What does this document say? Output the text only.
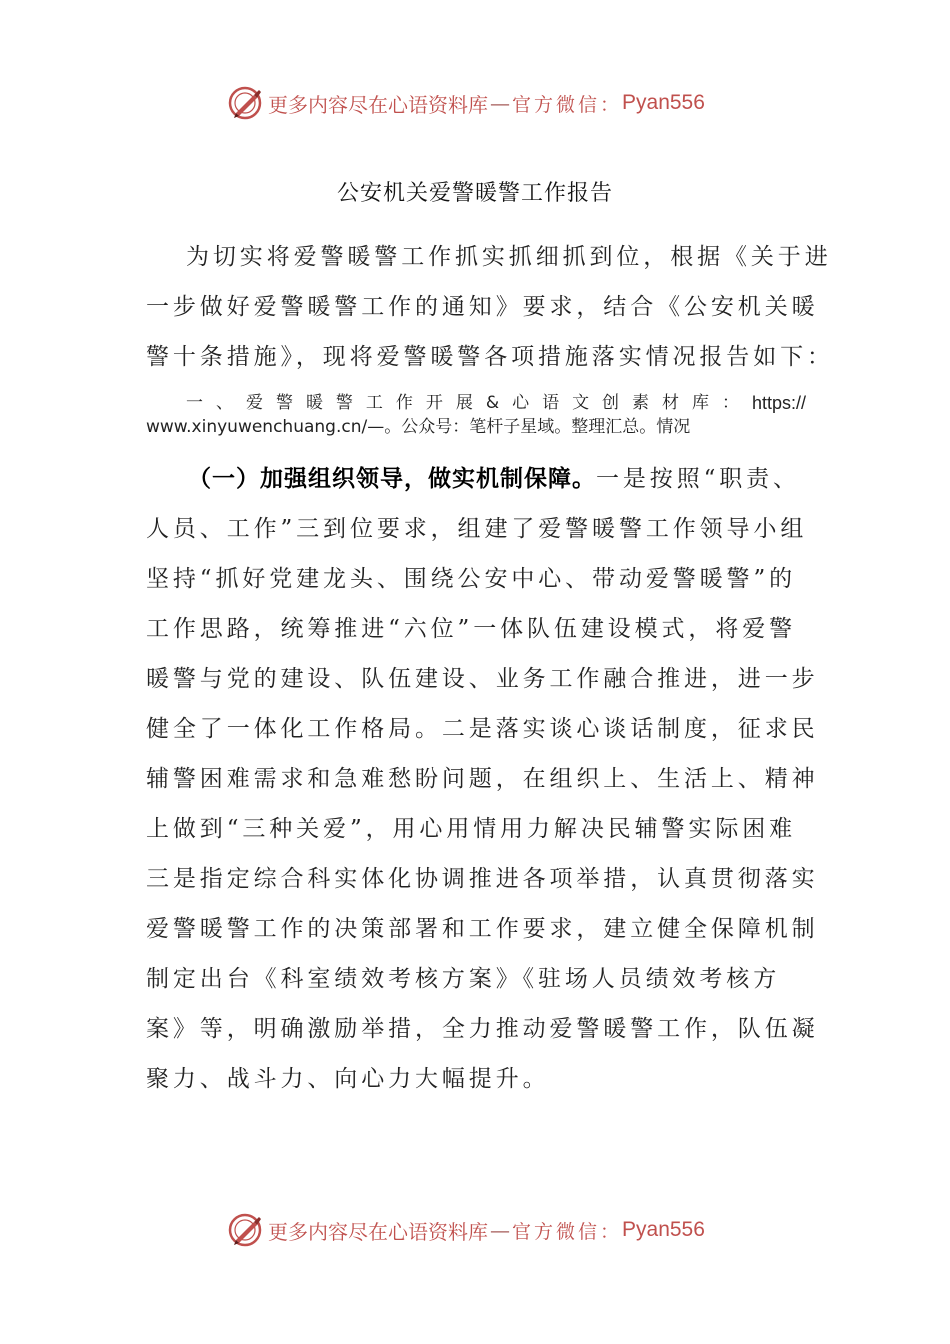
更多内容尽在心语资料库 — 官方微信： Pyan556
公安机关爱警暖警工作报告
为切实将爱警暖警工作抓实抓细抓到位，根据《关于进
一步做好爱警暖警工作的通知》要求，结合《公安机关暖
警十条措施》，现将爱警暖警各项措施落实情况报告如下：
一 、 爱 警 暖 警 工 作 开 展 & 心 语 文 创 素 材 库 ： https://
www.xinyuwenchuang.cn/—。公众号：笔杆子星域。整理汇总。情况
（一）加强组织领导，做实机制保障。一是按照“职责、
人员、工作”三到位要求，组建了爱警暖警工作领导小组
坚持“抓好党建龙头、围绕公安中心、带动爱警暖警”的
工作思路，统筹推进“六位”一体队伍建设模式，将爱警
暖警与党的建设、队伍建设、业务工作融合推进，进一步
健全了一体化工作格局。二是落实谈心谈话制度，征求民
辅警困难需求和急难愁盼问题，在组织上、生活上、精神
上做到“三种关爱”，用心用情用力解决民辅警实际困难
三是指定综合科实体化协调推进各项举措，认真贯彻落实
爱警暖警工作的决策部署和工作要求，建立健全保障机制
制定出台《科室绩效考核方案》《驻场人员绩效考核方
案》等，明确激励举措，全力推动爱警暖警工作，队伍凝
聚力、战斗力、向心力大幅提升。
更多内容尽在心语资料库 — 官方微信： Pyan556
